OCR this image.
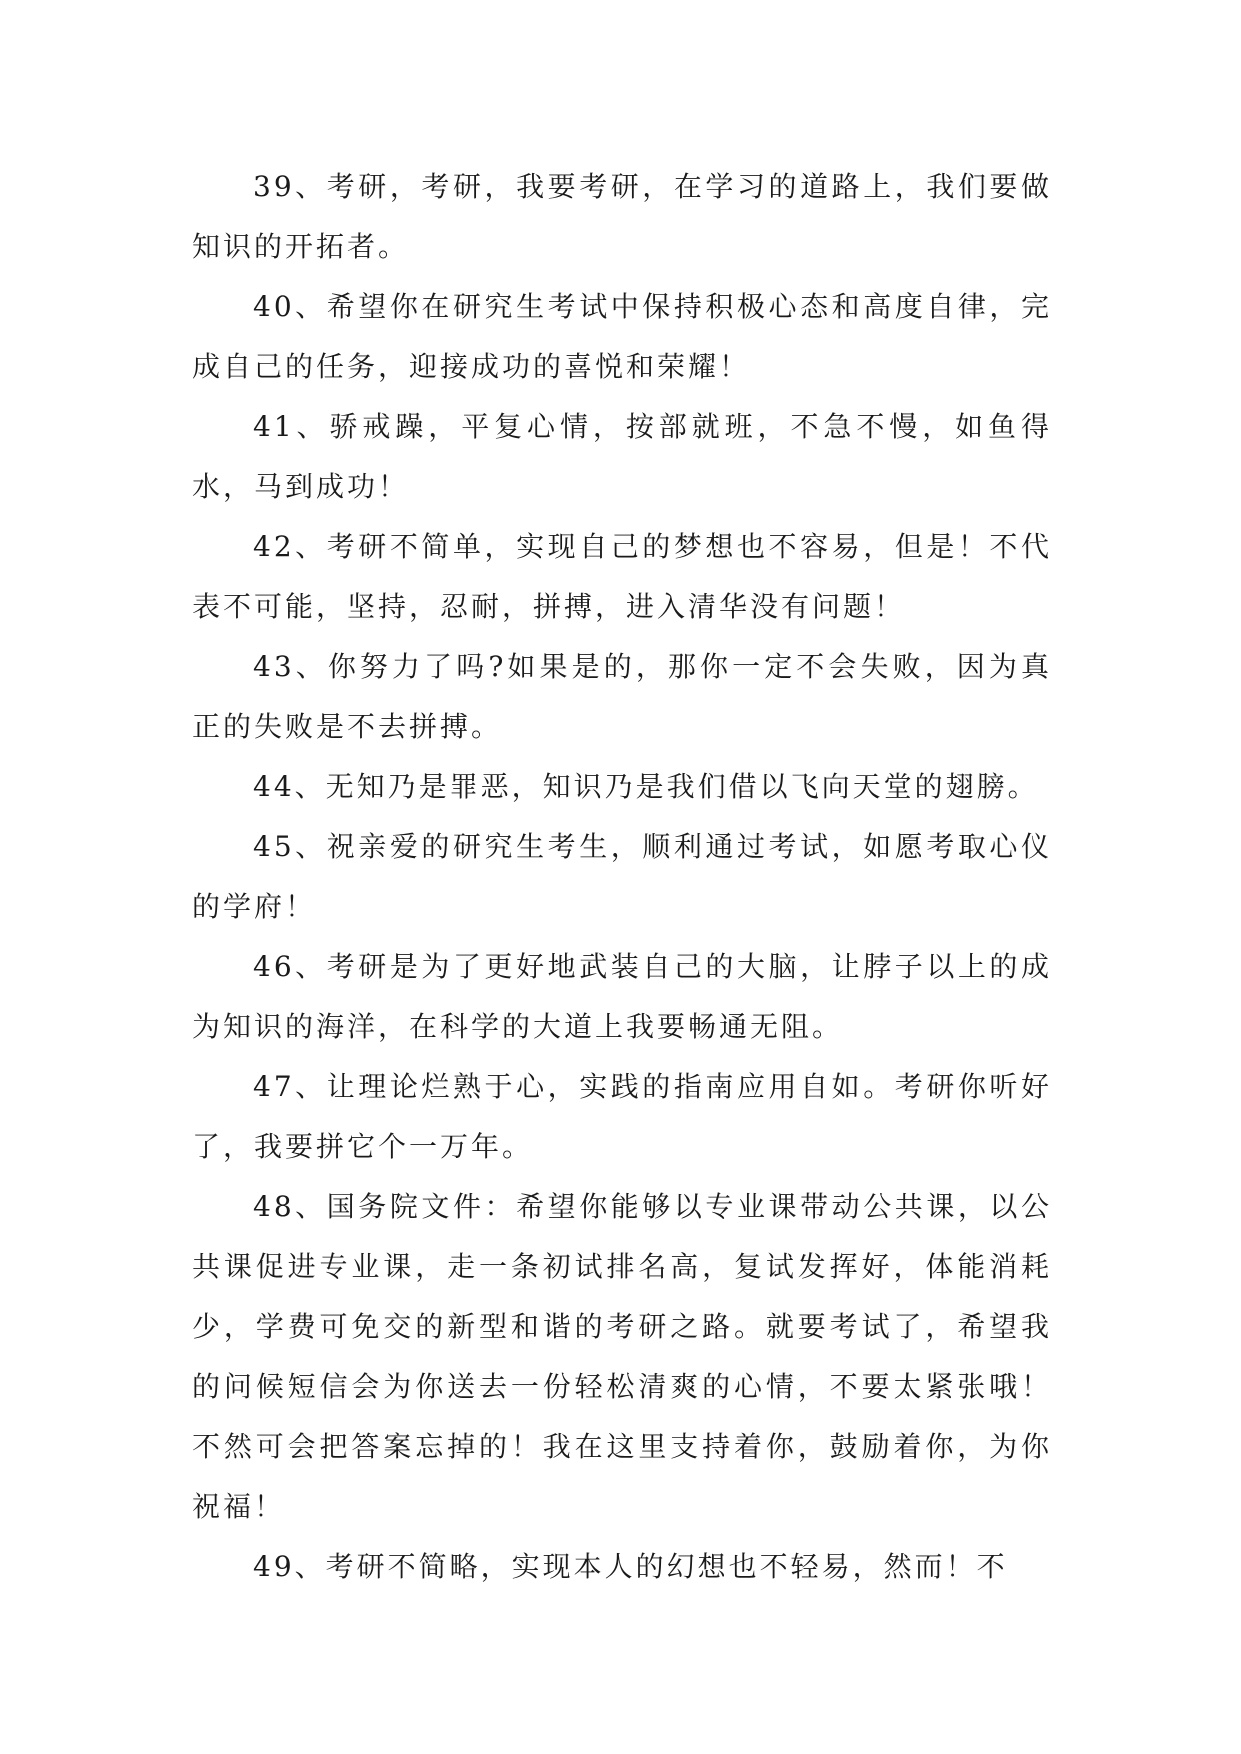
39、考研，考研，我要考研，在学习的道路上，我们要做知识的开拓者。

40、希望你在研究生考试中保持积极心态和高度自律，完成自己的任务，迎接成功的喜悦和荣耀！

41、骄戒躁，平复心情，按部就班，不急不慢，如鱼得水，马到成功！

42、考研不简单，实现自己的梦想也不容易，但是！不代表不可能，坚持，忍耐，拼搏，进入清华没有问题！

43、你努力了吗?如果是的，那你一定不会失败，因为真正的失败是不去拼搏。

44、无知乃是罪恶，知识乃是我们借以飞向天堂的翅膀。

45、祝亲爱的研究生考生，顺利通过考试，如愿考取心仪的学府！

46、考研是为了更好地武装自己的大脑，让脖子以上的成为知识的海洋，在科学的大道上我要畅通无阻。

47、让理论烂熟于心，实践的指南应用自如。考研你听好了，我要拼它个一万年。

48、国务院文件：希望你能够以专业课带动公共课，以公共课促进专业课，走一条初试排名高，复试发挥好，体能消耗少，学费可免交的新型和谐的考研之路。就要考试了，希望我的问候短信会为你送去一份轻松清爽的心情，不要太紧张哦！不然可会把答案忘掉的！我在这里支持着你，鼓励着你，为你祝福！

49、考研不简略，实现本人的幻想也不轻易，然而！不
